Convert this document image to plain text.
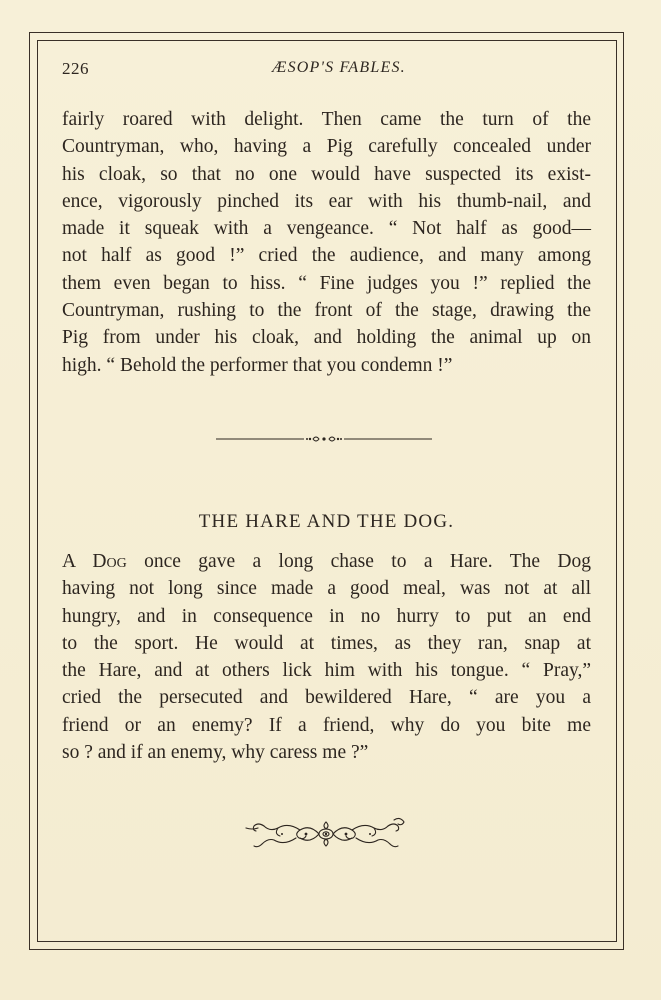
226	ÆSOP'S FABLES.
fairly roared with delight. Then came the turn of the
Countryman, who, having a Pig carefully concealed under
his cloak, so that no one would have suspected its exist-
ence, vigorously pinched its ear with his thumb-nail, and
made it squeak with a vengeance. “ Not half as good—
not half as good !” cried the audience, and many among
them even began to hiss. “ Fine judges you !” replied the
Countryman, rushing to the front of the stage, drawing the
Pig from under his cloak, and holding the animal up on
high. “ Behold the performer that you condemn !”
THE HARE AND THE DOG.
A Dog once gave a long chase to a Hare. The Dog
having not long since made a good meal, was not at all
hungry, and in consequence in no hurry to put an end
to the sport. He would at times, as they ran, snap at
the Hare, and at others lick him with his tongue. “ Pray,”
cried the persecuted and bewildered Hare, “ are you a
friend or an enemy? If a friend, why do you bite me
so ? and if an enemy, why caress me ?”
